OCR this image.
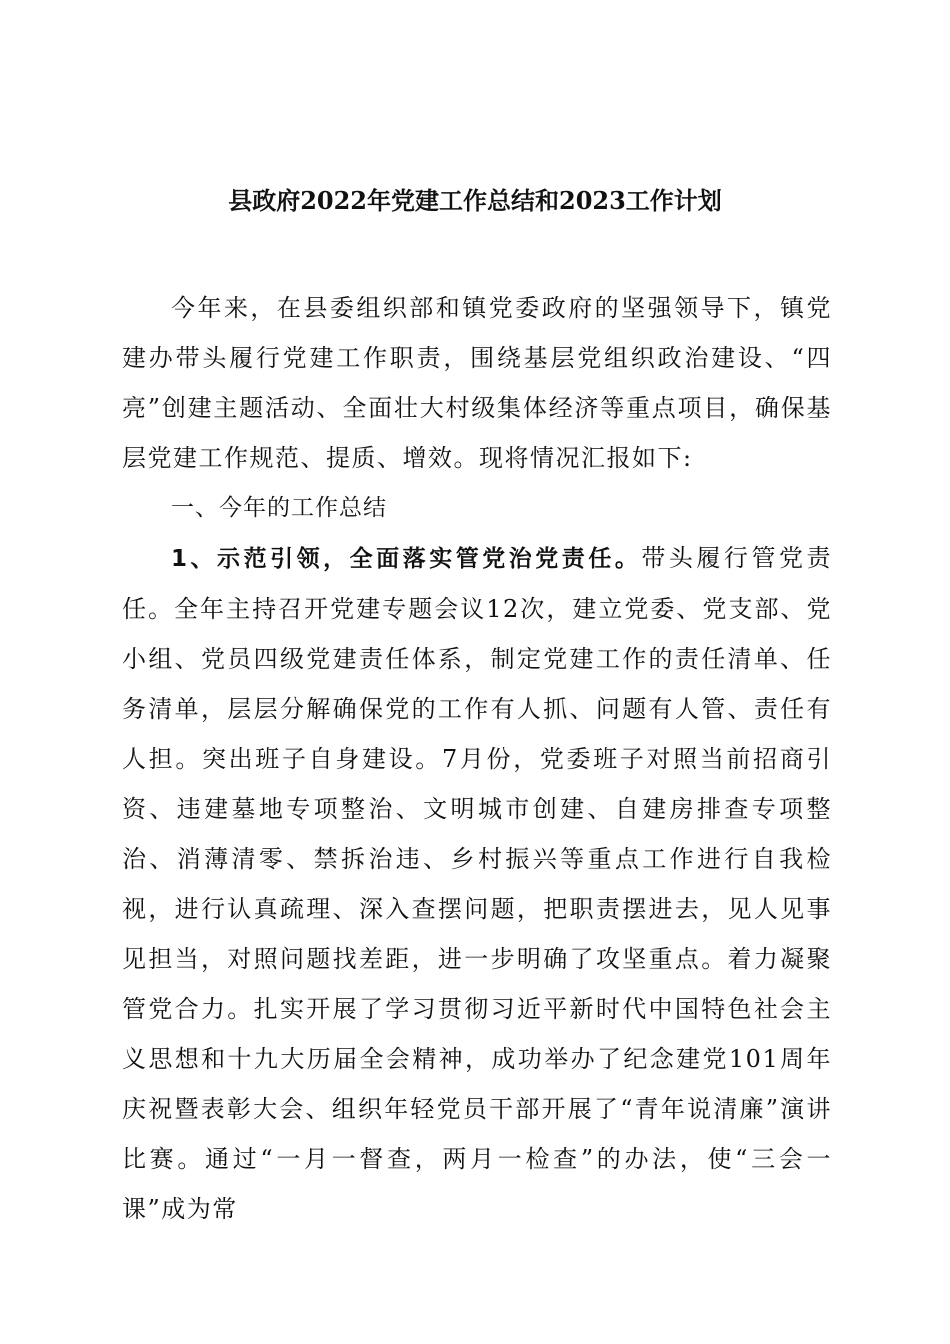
县政府2022年党建工作总结和2023工作计划

今年来，在县委组织部和镇党委政府的坚强领导下，镇党建办带头履行党建工作职责，围绕基层党组织政治建设、“四亮”创建主题活动、全面壮大村级集体经济等重点项目，确保基层党建工作规范、提质、增效。现将情况汇报如下:

一、今年的工作总结

1、示范引领，全面落实管党治党责任。带头履行管党责任。全年主持召开党建专题会议12次，建立党委、党支部、党小组、党员四级党建责任体系，制定党建工作的责任清单、任务清单，层层分解确保党的工作有人抓、问题有人管、责任有人担。突出班子自身建设。7月份，党委班子对照当前招商引资、违建墓地专项整治、文明城市创建、自建房排查专项整治、消薄清零、禁拆治违、乡村振兴等重点工作进行自我检视，进行认真疏理、深入查摆问题，把职责摆进去，见人见事见担当，对照问题找差距，进一步明确了攻坚重点。着力凝聚管党合力。扎实开展了学习贯彻习近平新时代中国特色社会主义思想和十九大历届全会精神，成功举办了纪念建党101周年庆祝暨表彰大会、组织年轻党员干部开展了“青年说清廉”演讲比赛。通过“一月一督查，两月一检查”的办法，使“三会一课”成为常
